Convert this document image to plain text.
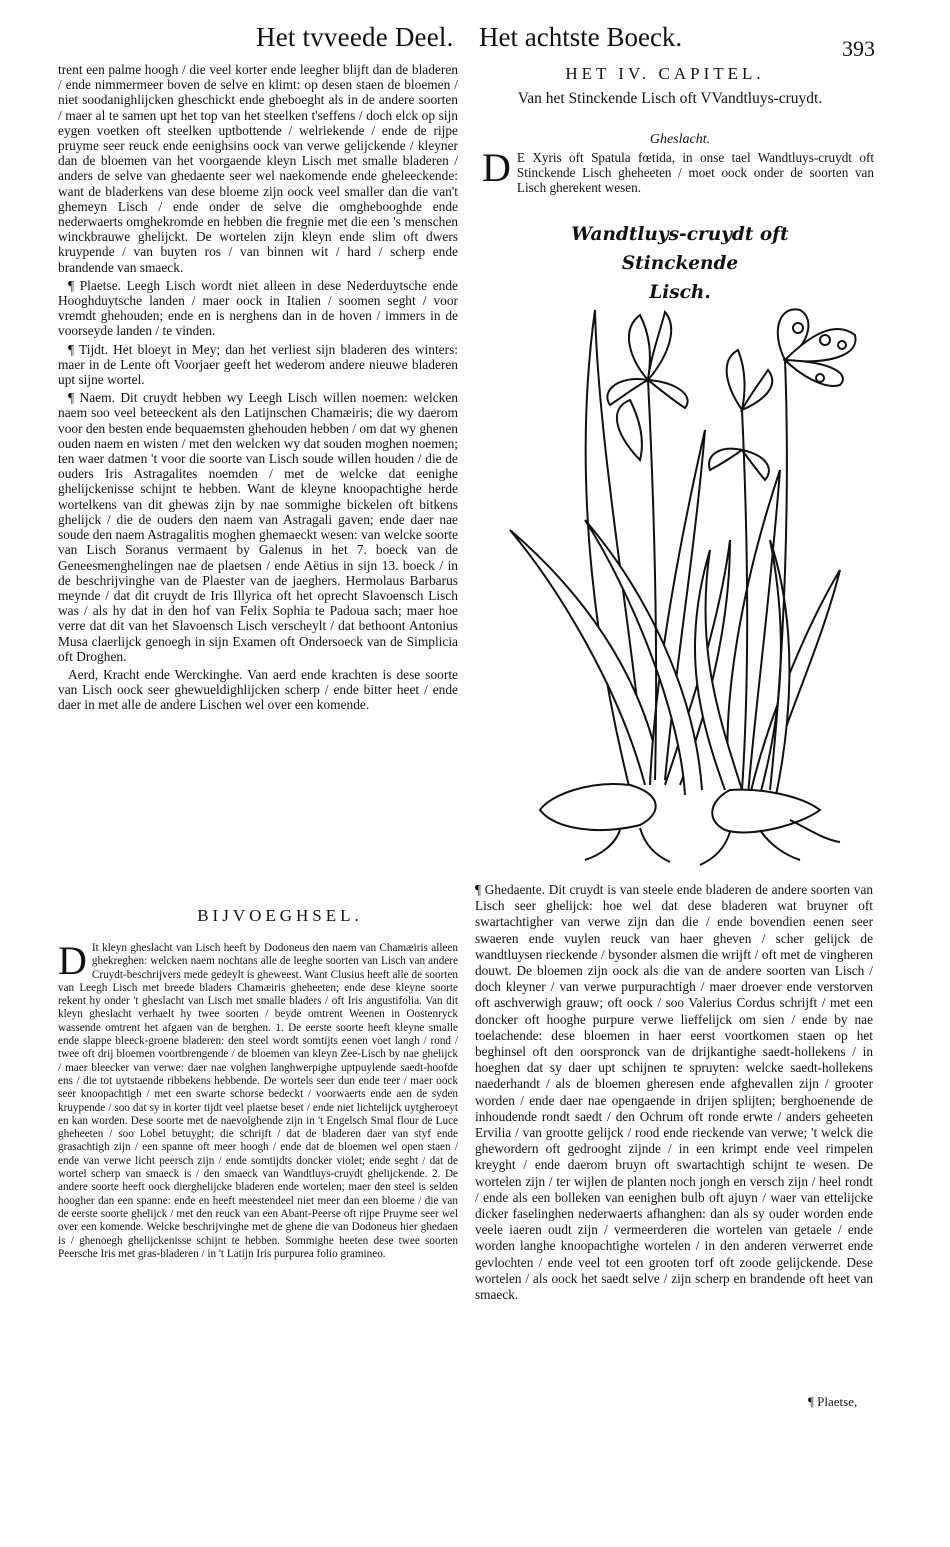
Het tvveede Deel. Het achtste Boeck.	393

trent een palme hoogh / die veel korter ende leegher blijft dan de bladeren / ende nimmermeer boven de selve en klimt: op desen staen de bloemen / niet soodanighlijcken gheschickt ende gheboeght als in de andere soorten / maer al te samen upt het top van het steelken t'seffens / doch elck op sijn eygen voetken oft steelken uptbottende / welriekende / ende de rijpe pruyme seer reuck ende eenighsins oock van verwe gelijckende / kleyner dan de bloemen van het voorgaende kleyn Lisch met smalle bladeren / anders de selve van ghedaente seer wel naekomende ende gheleeckende: want de bladerkens van dese bloeme zijn oock veel smaller dan die van't ghemeyn Lisch / ende onder de selve die omghebooghde ende nederwaerts omghekromde en hebben die fregnie met die een 's menschen winckbrauwe ghelijckt. De wortelen zijn kleyn ende slim oft dwers kruypende / van buyten ros / van binnen wit / hard / scherp ende brandende van smaeck.

¶ Plaetse. Leegh Lisch wordt niet alleen in dese Nederduytsche ende Hooghduytsche landen / maer oock in Italien / soomen seght / voor vremdt ghehouden; ende en is nerghens dan in de hoven / immers in de voorseyde landen / te vinden.

¶ Tijdt. Het bloeyt in Mey; dan het verliest sijn bladeren des winters: maer in de Lente oft Voorjaer geeft het wederom andere nieuwe bladeren upt sijne wortel.

¶ Naem. Dit cruydt hebben wy Leegh Lisch willen noemen: welcken naem soo veel beteeckent als den Latijnschen Chamæiris; die wy daerom voor den besten ende bequaemsten ghehouden hebben / om dat wy ghenen ouden naem en wisten / met den welcken wy dat souden moghen noemen; ten waer datmen 't voor die soorte van Lisch soude willen houden / die de ouders Iris Astragalites noemden / met de welcke dat eenighe ghelijckenisse schijnt te hebben. Want de kleyne knoopachtighe herde wortelkens van dit ghewas zijn by nae sommighe bickelen oft bitkens ghelijck / die de ouders den naem van Astragali gaven; ende daer nae soude den naem Astragalitis moghen ghemaeckt wesen: van welcke soorte van Lisch Soranus vermaent by Galenus in het 7. boeck van de Geneesmenghelingen nae de plaetsen / ende Aëtius in sijn 13. boeck / in de beschrijvinghe van de Plaester van de jaeghers. Hermolaus Barbarus meynde / dat dit cruydt de Iris Illyrica oft het oprecht Slavoensch Lisch was / als hy dat in den hof van Felix Sophia te Padoua sach; maer hoe verre dat dit van het Slavoensch Lisch verscheylt / dat bethoont Antonius Musa claerlijck genoegh in sijn Examen oft Ondersoeck van de Simplicia oft Droghen.

Aerd, Kracht ende Werckinghe. Van aerd ende krachten is dese soorte van Lisch oock seer ghewueldighlijcken scherp / ende bitter heet / ende daer in met alle de andere Lischen wel over een komende.

BIJVOEGHSEL.
D It kleyn gheslacht van Lisch heeft by Dodoneus den naem van Chamæiris alleen ghekreghen: welcken naem nochtans alle de leeghe soorten van Lisch van andere Cruydt-beschrijvers mede gedeylt is gheweest. Want Clusius heeft alle de soorten van Leegh Lisch met breede bladers Chamæiris gheheeten; ende dese kleyne soorte rekent hy onder 't gheslacht van Lisch met smalle bladers / oft Iris angustifolia. Van dit kleyn gheslacht verhaelt hy twee soorten / beyde omtrent Weenen in Oostenryck wassende omtrent het afgaen van de berghen. 1. De eerste soorte heeft kleyne smalle ende slappe bleeck-groene bladeren: den steel wordt somtijts eenen voet langh / rond / twee oft drij bloemen voortbrengende / de bloemen van kleyn Zee-Lisch by nae ghelijck / maer bleecker van verwe: daer nae volghen langhwerpighe uptpuylende saedt-hoofde ens / die tot uytstaende ribbekens hebbende. De wortels seer dun ende teer / maer oock seer knoopachtigh / met een swarte schorse bedeckt / voorwaerts ende aen de syden kruypende / soo dat sy in korter tijdt veel plaetse beset / ende niet lichtelijck uytgheroeyt en kan worden. Dese soorte met de naevolghende zijn in 't Engelsch Smal flour de Luce gheheeten / soo Lobel betuyght; die schrijft / dat de bladeren daer van styf ende grasachtigh zijn / een spanne oft meer hoogh / ende dat de bloemen wel open staen / ende van verwe licht peersch zijn / ende somtijdts doncker violet; ende seght / dat de wortel scherp van smaeck is / den smaeck van Wandtluys-cruydt ghelijckende. 2. De andere soorte heeft oock dierghelijcke bladeren ende wortelen; maer den steel is selden hoogher dan een spanne: ende en heeft meestendeel niet meer dan een bloeme / die van de eerste soorte ghelijck / met den reuck van een Abant-Peerse oft rijpe Pruyme seer wel over een komende. Welcke beschrijvinghe met de ghene die van Dodoneus hier ghedaen is / ghenoegh ghelijckenisse schijnt te hebben. Sommighe heeten dese twee soorten Peersche Iris met gras-bladeren / in 't Latijn Iris purpurea folio gramineo.
HET IV. CAPITEL.
Van het Stinckende Lisch oft VVandtluys-cruydt.
Gheslacht.
D E Xyris oft Spatula fœtida, in onse tael Wandtluys-cruydt oft Stinckende Lisch gheheeten / moet oock onder de soorten van Lisch gherekent wesen.
Wandtluys-cruydt oft Stinckende
Lisch.

¶ Ghedaente. Dit cruydt is van steele ende bladeren de andere soorten van Lisch seer ghelijck: hoe wel dat dese bladeren wat bruyner oft swartachtigher van verwe zijn dan die / ende bovendien eenen seer swaeren ende vuylen reuck van haer gheven / scher gelijck de wandtluysen rieckende / bysonder alsmen die wrijft / oft met de vingheren douwt. De bloemen zijn oock als die van de andere soorten van Lisch / doch kleyner / van verwe purpurachtigh / maer droever ende verstorven oft aschverwigh grauw; oft oock / soo Valerius Cordus schrijft / met een doncker oft hooghe purpure verwe lieffelijck om sien / ende by nae toelachende: dese bloemen in haer eerst voortkomen staen op het beghinsel oft den oorspronck van de drijkantighe saedt-hollekens / in hoeghen dat sy daer upt schijnen te spruyten: welcke saedt-hollekens naederhandt / als de bloemen gheresen ende afghevallen zijn / grooter worden / ende daer nae opengaende in drijen splijten; berghoenende de inhoudende rondt saedt / den Ochrum oft ronde erwte / anders geheeten Ervilia / van grootte gelijck / rood ende rieckende van verwe; 't welck die ghewordern oft gedrooght zijnde / in een krimpt ende veel rimpelen kreyght / ende daerom bruyn oft swartachtigh schijnt te wesen. De wortelen zijn / ter wijlen de planten noch jongh en versch zijn / heel rondt / ende als een bolleken van eenighen bulb oft ajuyn / waer van ettelijcke dicker faselinghen nederwaerts afhanghen: dan als sy ouder worden ende veele iaeren oudt zijn / vermeerderen die wortelen van getaele / ende worden langhe knoopachtighe wortelen / in den anderen verwerret ende gevlochten / ende veel tot een grooten torf oft zoode gelijckende. Dese wortelen / als oock het saedt selve / zijn scherp en brandende oft heet van smaeck.

¶ Plaetse,
